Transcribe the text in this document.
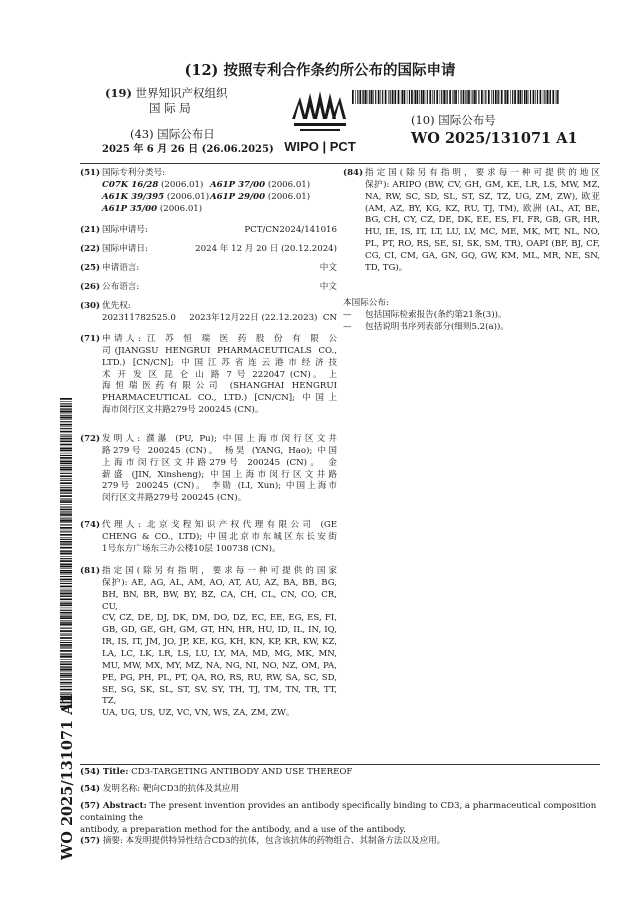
(12) 按照专利合作条约所公布的国际申请
(19) 世界知识产权组织
国 际 局
(43) 国际公布日
2025 年 6 月 26 日 (26.06.2025) WIPO | PCT
(10) 国际公布号
WO 2025/131071 A1
WO 2025/131071 A1
(51) 国际专利分类号:
C07K 16/28 (2006.01) A61P 37/00 (2006.01)
A61K 39/395 (2006.01) A61P 29/00 (2006.01)
A61P 35/00 (2006.01)
(21) 国际申请号:	PCT/CN2024/141016
(22) 国际申请日:	2024 年 12 月 20 日 (20.12.2024)
(25) 申请语言:	中文
(26) 公布语言:	中文
(30) 优先权:
202311782525.0 2023年12月22日 (22.12.2023) CN
(71) 申请人: 江 苏 恒 瑞 医 药 股 份 有 限 公
司(JIANGSU HENGRUI PHARMACEUTICALS CO.,
LTD.) [CN/CN]; 中国江苏省连云港市经济技
术 开 发 区 昆 仑 山 路 7 号 222047 (CN)。 上
海恒瑞医药有限公司 (SHANGHAI HENGRUI
PHARMACEUTICAL CO., LTD.) [CN/CN]; 中国上
海市闵行区文井路279号 200245 (CN)。
(72) 发明人: 濮瀑 (PU, Pu); 中国上海市闵行区文井
路279号 200245 (CN)。 杨昊 (YANG, Hao); 中国
上海市闵行区文井路279号 200245 (CN)。 金
薪盛 (JIN, Xinsheng); 中国上海市闵行区文井路
279号 200245 (CN)。 李勋 (LI, Xun); 中国上海市
闵行区文井路279号 200245 (CN)。
(74) 代理人: 北京戈程知识产权代理有限公司 (GE
CHENG & CO., LTD); 中国北京市东城区东长安街
1号东方广场东三办公楼10层 100738 (CN)。
(81) 指定国(除另有指明，要求每一种可提供的国家
保护): AE, AG, AL, AM, AO, AT, AU, AZ, BA, BB, BG,
BH, BN, BR, BW, BY, BZ, CA, CH, CL, CN, CO, CR, CU,
CV, CZ, DE, DJ, DK, DM, DO, DZ, EC, EE, EG, ES, FI,
GB, GD, GE, GH, GM, GT, HN, HR, HU, ID, IL, IN, IQ,
IR, IS, IT, JM, JO, JP, KE, KG, KH, KN, KP, KR, KW, KZ,
LA, LC, LK, LR, LS, LU, LY, MA, MD, MG, MK, MN,
MU, MW, MX, MY, MZ, NA, NG, NI, NO, NZ, OM, PA,
PE, PG, PH, PL, PT, QA, RO, RS, RU, RW, SA, SC, SD,
SE, SG, SK, SL, ST, SV, SY, TH, TJ, TM, TN, TR, TT, TZ,
UA, UG, US, UZ, VC, VN, WS, ZA, ZM, ZW。
(84) 指定国(除另有指明，要求每一种可提供的地区
保护): ARIPO (BW, CV, GH, GM, KE, LR, LS, MW, MZ,
NA, RW, SC, SD, SL, ST, SZ, TZ, UG, ZM, ZW), 欧亚
(AM, AZ, BY, KG, KZ, RU, TJ, TM), 欧洲 (AL, AT, BE,
BG, CH, CY, CZ, DE, DK, EE, ES, FI, FR, GB, GR, HR,
HU, IE, IS, IT, LT, LU, LV, MC, ME, MK, MT, NL, NO,
PL, PT, RO, RS, SE, SI, SK, SM, TR), OAPI (BF, BJ, CF,
CG, CI, CM, GA, GN, GQ, GW, KM, ML, MR, NE, SN,
TD, TG)。
本国际公布:
— 包括国际检索报告(条约第21条(3))。
— 包括说明书序列表部分(细则5.2(a))。
(54) Title: CD3-TARGETING ANTIBODY AND USE THEREOF
(54) 发明名称: 靶向CD3的抗体及其应用
(57) Abstract: The present invention provides an antibody specifically binding to CD3, a pharmaceutical composition containing the
antibody, a preparation method for the antibody, and a use of the antibody.
(57) 摘要: 本发明提供特异性结合CD3的抗体，包含该抗体的药物组合、其制备方法以及应用。
